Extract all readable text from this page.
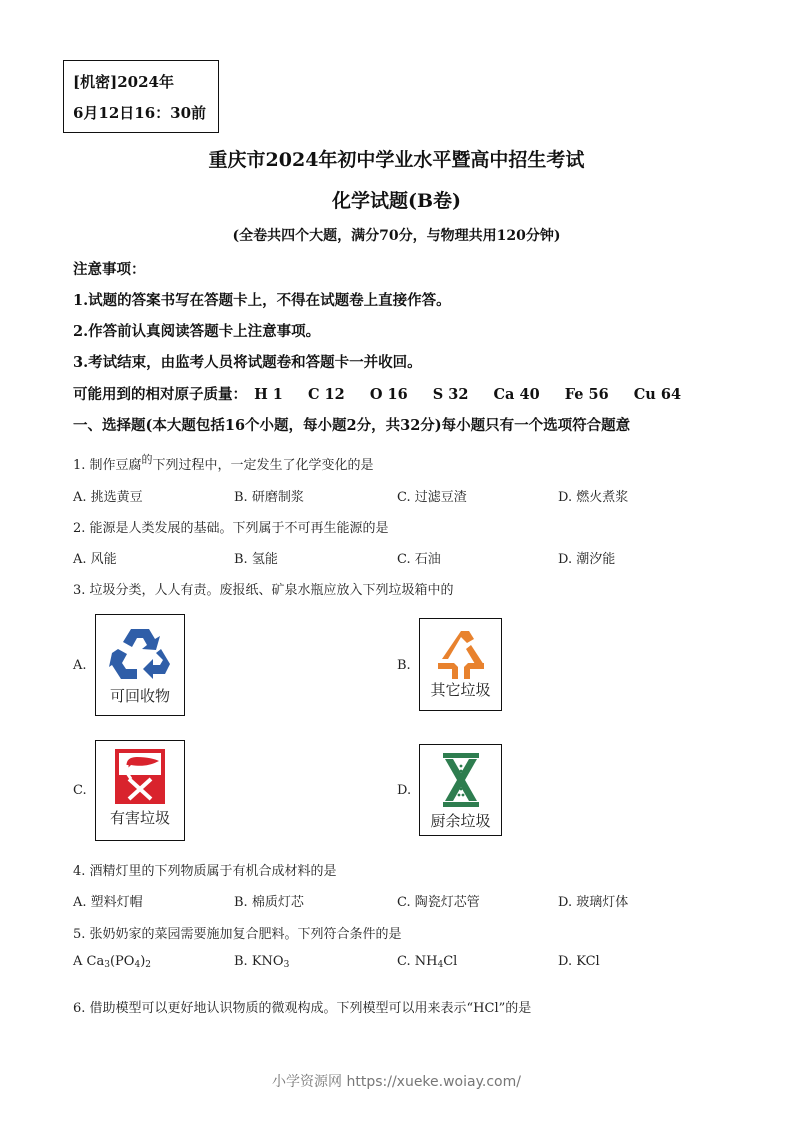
[机密]2024年
6月12日16：30前
重庆市2024年初中学业水平暨高中招生考试
化学试题(B卷)
(全卷共四个大题，满分70分，与物理共用120分钟)
注意事项：
1.试题的答案书写在答题卡上，不得在试题卷上直接作答。
2.作答前认真阅读答题卡上注意事项。
3.考试结束，由监考人员将试题卷和答题卡一并收回。
可能用到的相对原子质量： H 1 C 12 O 16 S 32 Ca 40 Fe 56 Cu 64
一、选择题(本大题包括16个小题，每小题2分，共32分)每小题只有一个选项符合题意
1. 制作豆腐$^的$下列过程中，一定发生了化学变化的是
A. 挑选黄豆	B. 研磨制浆	C. 过滤豆渣	D. 燃火煮浆
2. 能源是人类发展的基础。下列属于不可再生能源的是
A. 风能	B. 氢能	C. 石油	D. 潮汐能
3. 垃圾分类，人人有责。废报纸、矿泉水瓶应放入下列垃圾箱中的
A.
可回收物
B.
其它垃圾
C.
有害垃圾
D.
厨余垃圾
4. 酒精灯里的下列物质属于有机合成材料的是
A. 塑料灯帽	B. 棉质灯芯	C. 陶瓷灯芯管	D. 玻璃灯体
5. 张奶奶家的菜园需要施加复合肥料。下列符合条件的是
A $Ca_3(PO_4)_2$	B. $KNO_3$	C. $NH_4Cl$	D. KCl
6. 借助模型可以更好地认识物质的微观构成。下列模型可以用来表示“HCl”的是
小学资源网 https://xueke.woiay.com/
